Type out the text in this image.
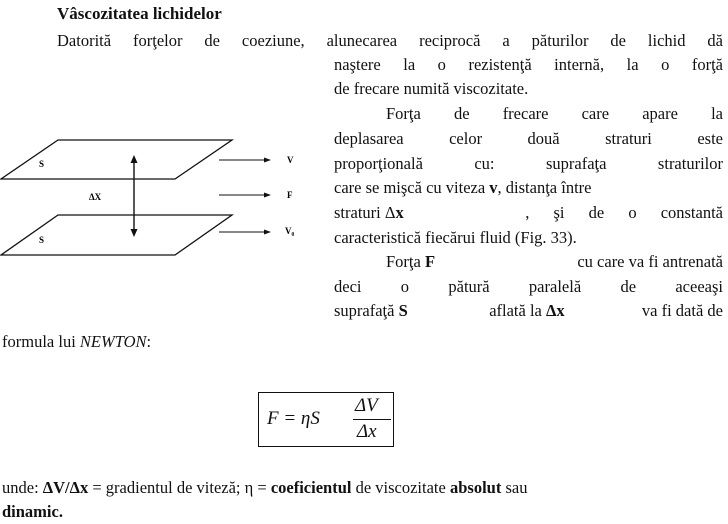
Vâscozitatea lichidelor
Datorită forţelor de coeziune, alunecarea reciprocă a păturilor de lichid dă
naştere la o rezistenţă internă, la o forţă
de frecare numită viscozitate.
Forţa de frecare care apare la
deplasarea celor două straturi este
proporţională cu: suprafaţa straturilor
care se mişcă cu viteza v , distanţa între
straturi Δx	, şi de o constantă
caracteristică fiecărui fluid (Fig. 33).
Forţa F	cu care va fi antrenată
deci o pătură paralelă de aceeaşi
suprafaţă S	aflată la Δx	va fi dată de
formula lui NEWTON:
S
S
ΔX
V
F
V₀
F = ηS
ΔV
Δx
unde: ΔV/Δx = gradientul de viteză; η = coeficientul de viscozitate absolut sau
dinamic.
